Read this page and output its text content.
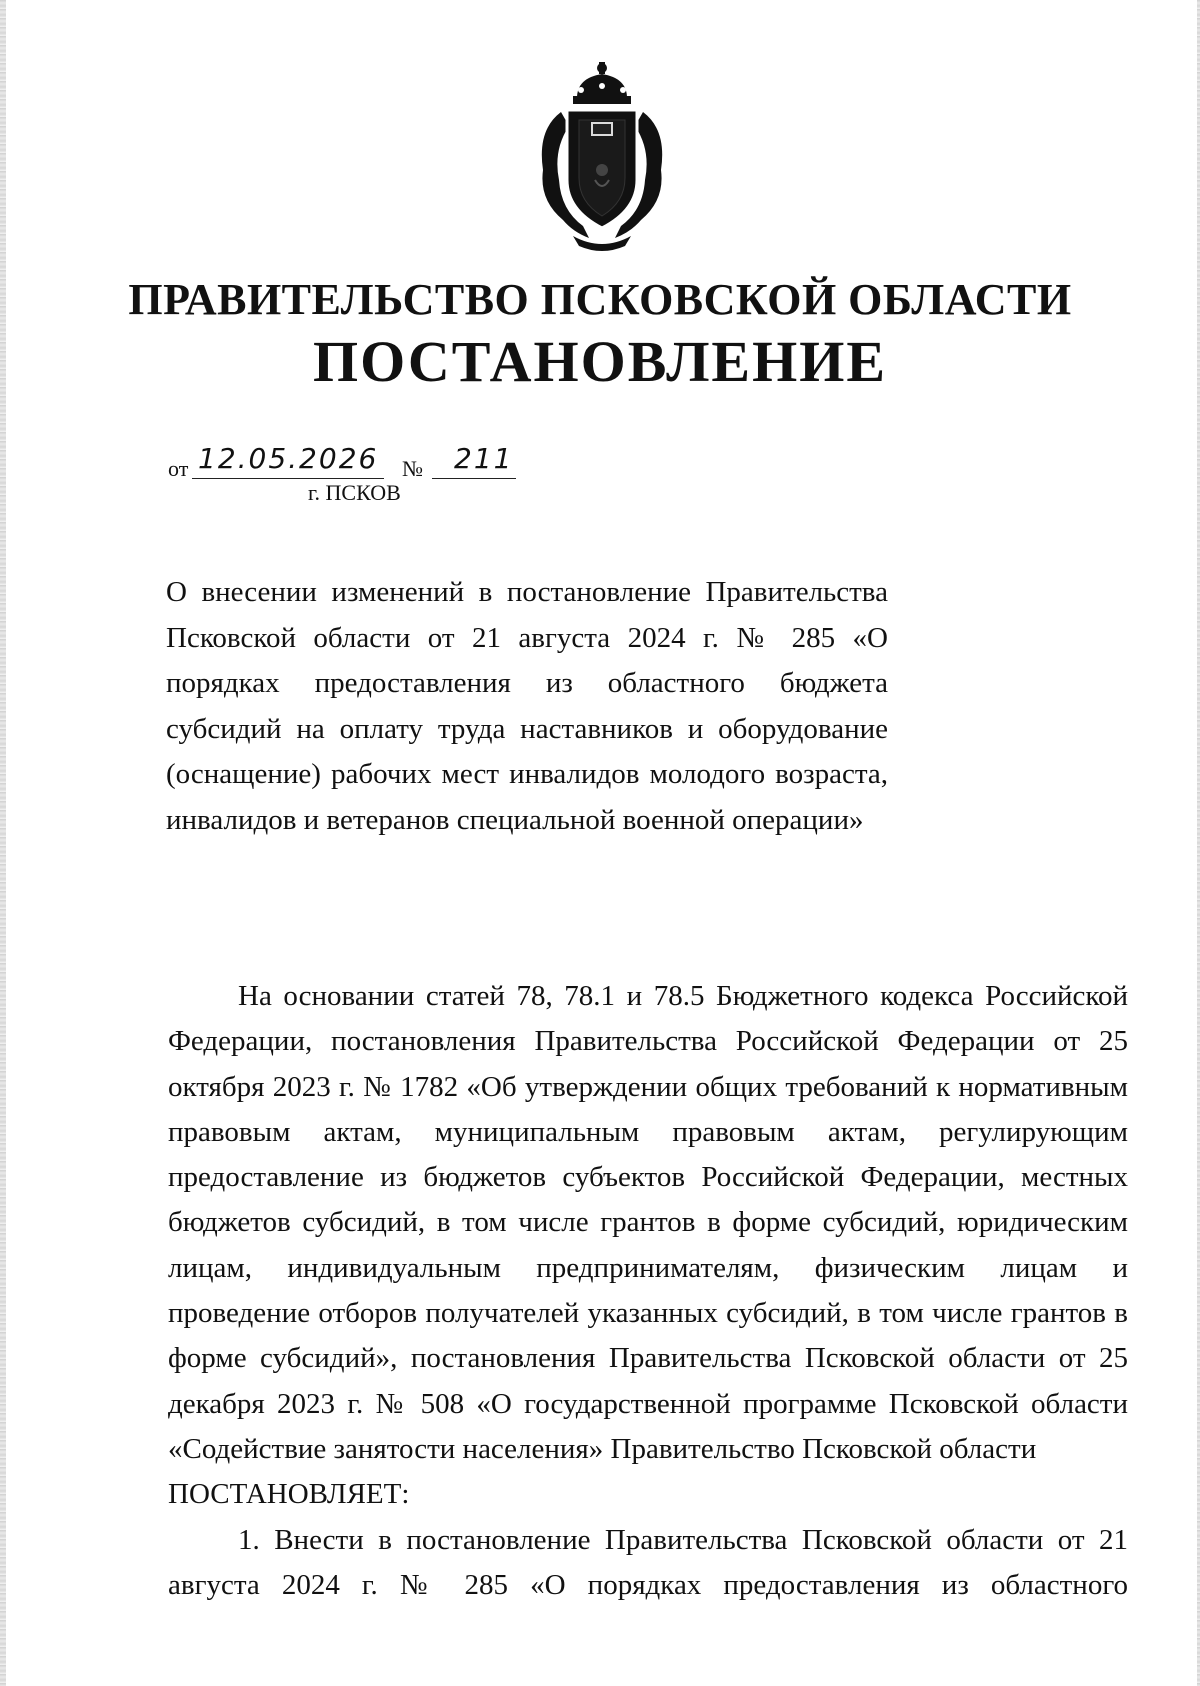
ПРАВИТЕЛЬСТВО ПСКОВСКОЙ ОБЛАСТИ
ПОСТАНОВЛЕНИЕ
от 12.05.2026 № 211
г. ПСКОВ

О внесении изменений в постановление Правительства Псковской области от 21 августа 2024 г. № 285 «О порядках предоставления из областного бюджета субсидий на оплату труда наставников и оборудование (оснащение) рабочих мест инвалидов молодого возраста, инвалидов и ветеранов специальной военной операции»

На основании статей 78, 78.1 и 78.5 Бюджетного кодекса Российской Федерации, постановления Правительства Российской Федерации от 25 октября 2023 г. № 1782 «Об утверждении общих требований к нормативным правовым актам, муниципальным правовым актам, регулирующим предоставление из бюджетов субъектов Российской Федерации, местных бюджетов субсидий, в том числе грантов в форме субсидий, юридическим лицам, индивидуальным предпринимателям, физическим лицам и проведение отборов получателей указанных субсидий, в том числе грантов в форме субсидий», постановления Правительства Псковской области от 25 декабря 2023 г. № 508 «О государственной программе Псковской области «Содействие занятости населения» Правительство Псковской области

ПОСТАНОВЛЯЕТ:

1. Внести в постановление Правительства Псковской области от 21 августа 2024 г. № 285 «О порядках предоставления из областного
